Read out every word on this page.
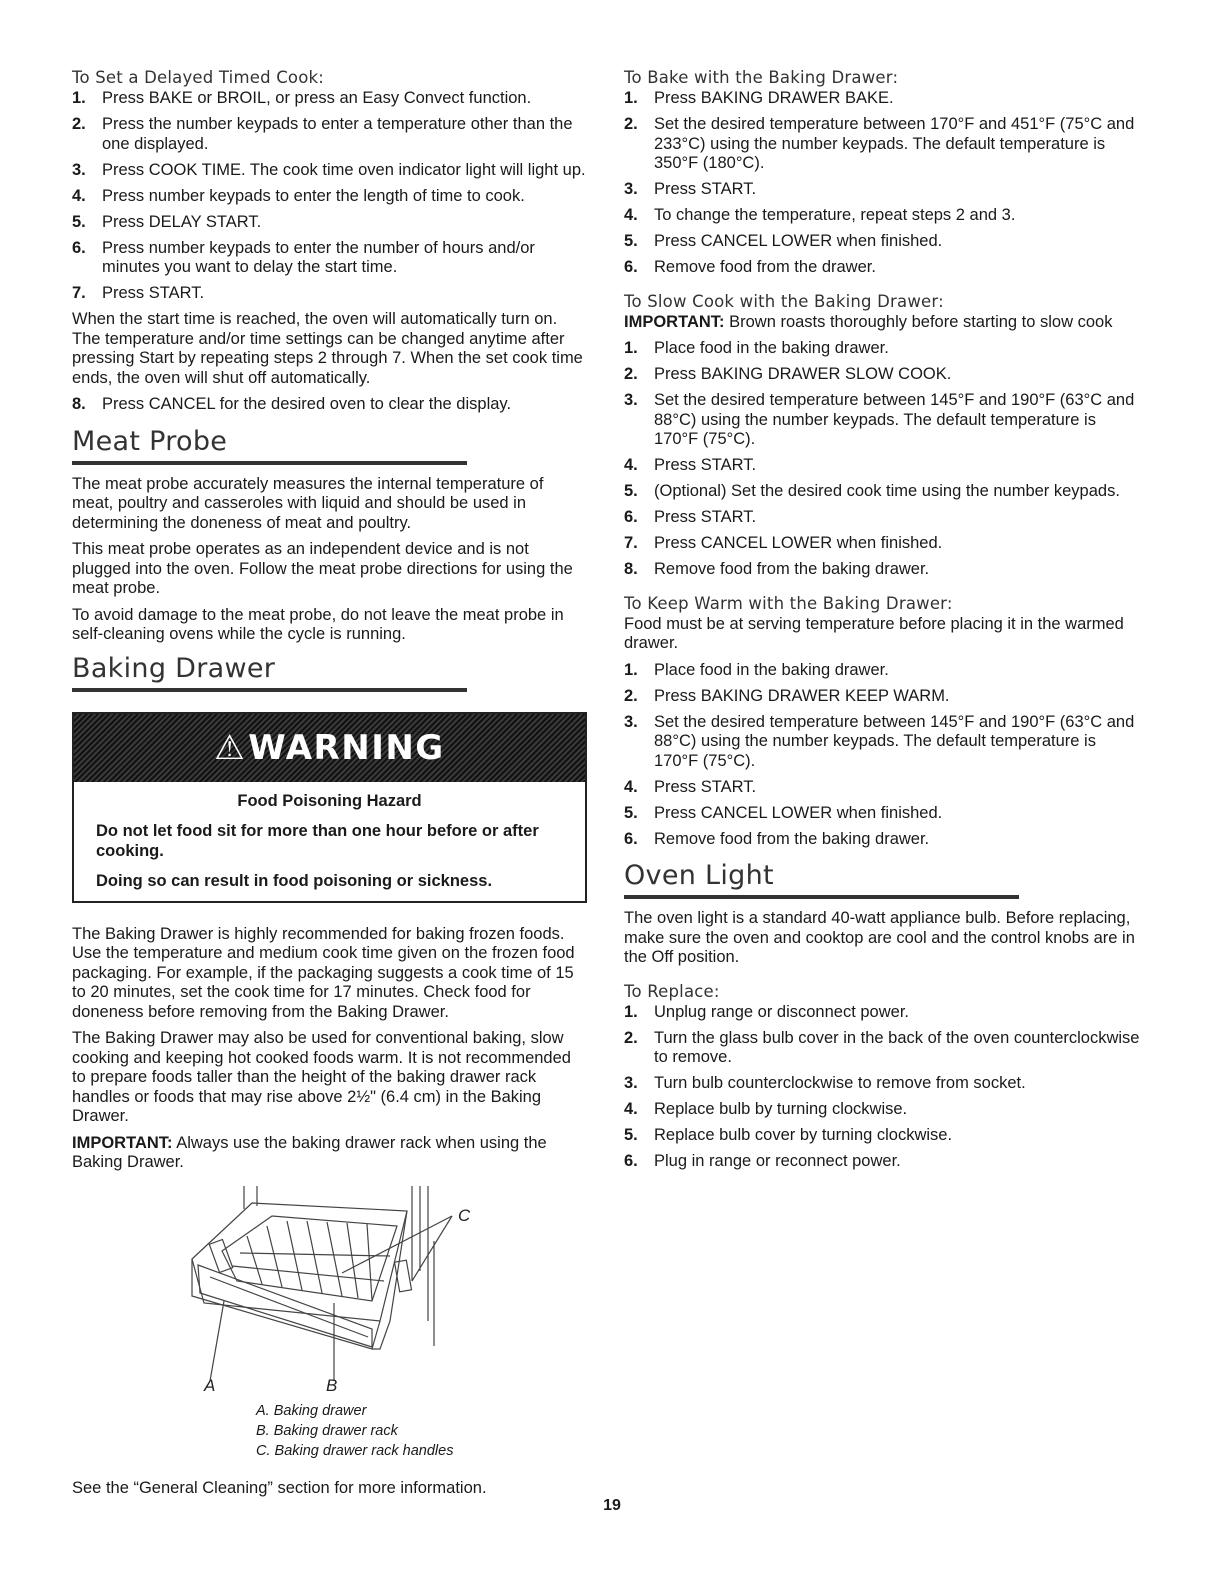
To Set a Delayed Timed Cook:
1. Press BAKE or BROIL, or press an Easy Convect function.
2. Press the number keypads to enter a temperature other than the one displayed.
3. Press COOK TIME. The cook time oven indicator light will light up.
4. Press number keypads to enter the length of time to cook.
5. Press DELAY START.
6. Press number keypads to enter the number of hours and/or minutes you want to delay the start time.
7. Press START.

When the start time is reached, the oven will automatically turn on. The temperature and/or time settings can be changed anytime after pressing Start by repeating steps 2 through 7. When the set cook time ends, the oven will shut off automatically.

8. Press CANCEL for the desired oven to clear the display.
Meat Probe

The meat probe accurately measures the internal temperature of meat, poultry and casseroles with liquid and should be used in determining the doneness of meat and poultry.

This meat probe operates as an independent device and is not plugged into the oven. Follow the meat probe directions for using the meat probe.

To avoid damage to the meat probe, do not leave the meat probe in self-cleaning ovens while the cycle is running.

Baking Drawer
⚠ WARNING

Food Poisoning Hazard

Do not let food sit for more than one hour before or after cooking.

Doing so can result in food poisoning or sickness.

The Baking Drawer is highly recommended for baking frozen foods. Use the temperature and medium cook time given on the frozen food packaging. For example, if the packaging suggests a cook time of 15 to 20 minutes, set the cook time for 17 minutes. Check food for doneness before removing from the Baking Drawer.

The Baking Drawer may also be used for conventional baking, slow cooking and keeping hot cooked foods warm. It is not recommended to prepare foods taller than the height of the baking drawer rack handles or foods that may rise above 2½" (6.4 cm) in the Baking Drawer.

IMPORTANT: Always use the baking drawer rack when using the Baking Drawer.

A	B
C
A. Baking drawer
B. Baking drawer rack
C. Baking drawer rack handles

See the “General Cleaning” section for more information.

To Bake with the Baking Drawer:
1. Press BAKING DRAWER BAKE.
2. Set the desired temperature between 170°F and 451°F (75°C and 233°C) using the number keypads. The default temperature is 350°F (180°C).
3. Press START.
4. To change the temperature, repeat steps 2 and 3.
5. Press CANCEL LOWER when finished.
6. Remove food from the drawer.
To Slow Cook with the Baking Drawer:

IMPORTANT: Brown roasts thoroughly before starting to slow cook

1. Place food in the baking drawer.
2. Press BAKING DRAWER SLOW COOK.
3. Set the desired temperature between 145°F and 190°F (63°C and 88°C) using the number keypads. The default temperature is 170°F (75°C).
4. Press START.
5. (Optional) Set the desired cook time using the number keypads.
6. Press START.
7. Press CANCEL LOWER when finished.
8. Remove food from the baking drawer.
To Keep Warm with the Baking Drawer:

Food must be at serving temperature before placing it in the warmed drawer.

1. Place food in the baking drawer.
2. Press BAKING DRAWER KEEP WARM.
3. Set the desired temperature between 145°F and 190°F (63°C and 88°C) using the number keypads. The default temperature is 170°F (75°C).
4. Press START.
5. Press CANCEL LOWER when finished.
6. Remove food from the baking drawer.
Oven Light

The oven light is a standard 40-watt appliance bulb. Before replacing, make sure the oven and cooktop are cool and the control knobs are in the Off position.

To Replace:
1. Unplug range or disconnect power.
2. Turn the glass bulb cover in the back of the oven counterclockwise to remove.
3. Turn bulb counterclockwise to remove from socket.
4. Replace bulb by turning clockwise.
5. Replace bulb cover by turning clockwise.
6. Plug in range or reconnect power.
19
